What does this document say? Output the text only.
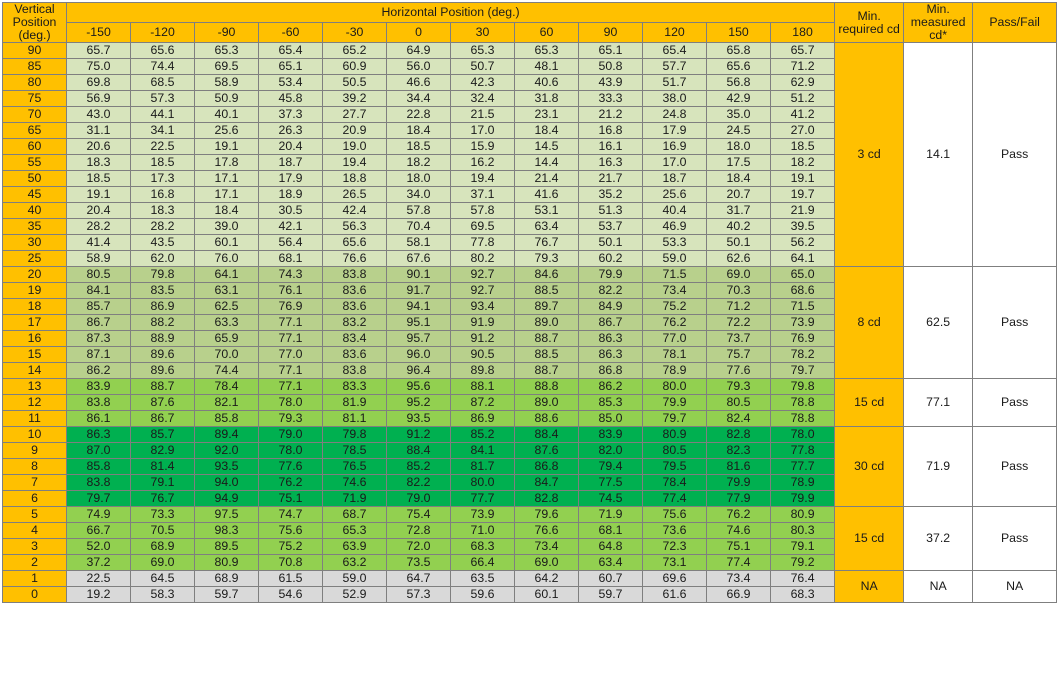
Vertical Position (deg.)	Horizontal Position (deg.)												Min. required cd	Min. measured cd*	Pass/Fail
	-150	-120	-90	-60	-30	0	30	60	90	120	150	180			
90	65.7	65.6	65.3	65.4	65.2	64.9	65.3	65.3	65.1	65.4	65.8	65.7	3 cd	14.1	Pass
85	75.0	74.4	69.5	65.1	60.9	56.0	50.7	48.1	50.8	57.7	65.6	71.2			
80	69.8	68.5	58.9	53.4	50.5	46.6	42.3	40.6	43.9	51.7	56.8	62.9			
75	56.9	57.3	50.9	45.8	39.2	34.4	32.4	31.8	33.3	38.0	42.9	51.2			
70	43.0	44.1	40.1	37.3	27.7	22.8	21.5	23.1	21.2	24.8	35.0	41.2			
65	31.1	34.1	25.6	26.3	20.9	18.4	17.0	18.4	16.8	17.9	24.5	27.0			
60	20.6	22.5	19.1	20.4	19.0	18.5	15.9	14.5	16.1	16.9	18.0	18.5			
55	18.3	18.5	17.8	18.7	19.4	18.2	16.2	14.4	16.3	17.0	17.5	18.2			
50	18.5	17.3	17.1	17.9	18.8	18.0	19.4	21.4	21.7	18.7	18.4	19.1			
45	19.1	16.8	17.1	18.9	26.5	34.0	37.1	41.6	35.2	25.6	20.7	19.7			
40	20.4	18.3	18.4	30.5	42.4	57.8	57.8	53.1	51.3	40.4	31.7	21.9			
35	28.2	28.2	39.0	42.1	56.3	70.4	69.5	63.4	53.7	46.9	40.2	39.5			
30	41.4	43.5	60.1	56.4	65.6	58.1	77.8	76.7	50.1	53.3	50.1	56.2			
25	58.9	62.0	76.0	68.1	76.6	67.6	80.2	79.3	60.2	59.0	62.6	64.1			
20	80.5	79.8	64.1	74.3	83.8	90.1	92.7	84.6	79.9	71.5	69.0	65.0	8 cd	62.5	Pass
19	84.1	83.5	63.1	76.1	83.6	91.7	92.7	88.5	82.2	73.4	70.3	68.6			
18	85.7	86.9	62.5	76.9	83.6	94.1	93.4	89.7	84.9	75.2	71.2	71.5			
17	86.7	88.2	63.3	77.1	83.2	95.1	91.9	89.0	86.7	76.2	72.2	73.9			
16	87.3	88.9	65.9	77.1	83.4	95.7	91.2	88.7	86.3	77.0	73.7	76.9			
15	87.1	89.6	70.0	77.0	83.6	96.0	90.5	88.5	86.3	78.1	75.7	78.2			
14	86.2	89.6	74.4	77.1	83.8	96.4	89.8	88.7	86.8	78.9	77.6	79.7			
13	83.9	88.7	78.4	77.1	83.3	95.6	88.1	88.8	86.2	80.0	79.3	79.8	15 cd	77.1	Pass
12	83.8	87.6	82.1	78.0	81.9	95.2	87.2	89.0	85.3	79.9	80.5	78.8			
11	86.1	86.7	85.8	79.3	81.1	93.5	86.9	88.6	85.0	79.7	82.4	78.8			
10	86.3	85.7	89.4	79.0	79.8	91.2	85.2	88.4	83.9	80.9	82.8	78.0	30 cd	71.9	Pass
9	87.0	82.9	92.0	78.0	78.5	88.4	84.1	87.6	82.0	80.5	82.3	77.8			
8	85.8	81.4	93.5	77.6	76.5	85.2	81.7	86.8	79.4	79.5	81.6	77.7			
7	83.8	79.1	94.0	76.2	74.6	82.2	80.0	84.7	77.5	78.4	79.9	78.9			
6	79.7	76.7	94.9	75.1	71.9	79.0	77.7	82.8	74.5	77.4	77.9	79.9			
5	74.9	73.3	97.5	74.7	68.7	75.4	73.9	79.6	71.9	75.6	76.2	80.9	15 cd	37.2	Pass
4	66.7	70.5	98.3	75.6	65.3	72.8	71.0	76.6	68.1	73.6	74.6	80.3			
3	52.0	68.9	89.5	75.2	63.9	72.0	68.3	73.4	64.8	72.3	75.1	79.1			
2	37.2	69.0	80.9	70.8	63.2	73.5	66.4	69.0	63.4	73.1	77.4	79.2			
1	22.5	64.5	68.9	61.5	59.0	64.7	63.5	64.2	60.7	69.6	73.4	76.4	NA	NA	NA
0	19.2	58.3	59.7	54.6	52.9	57.3	59.6	60.1	59.7	61.6	66.9	68.3			
